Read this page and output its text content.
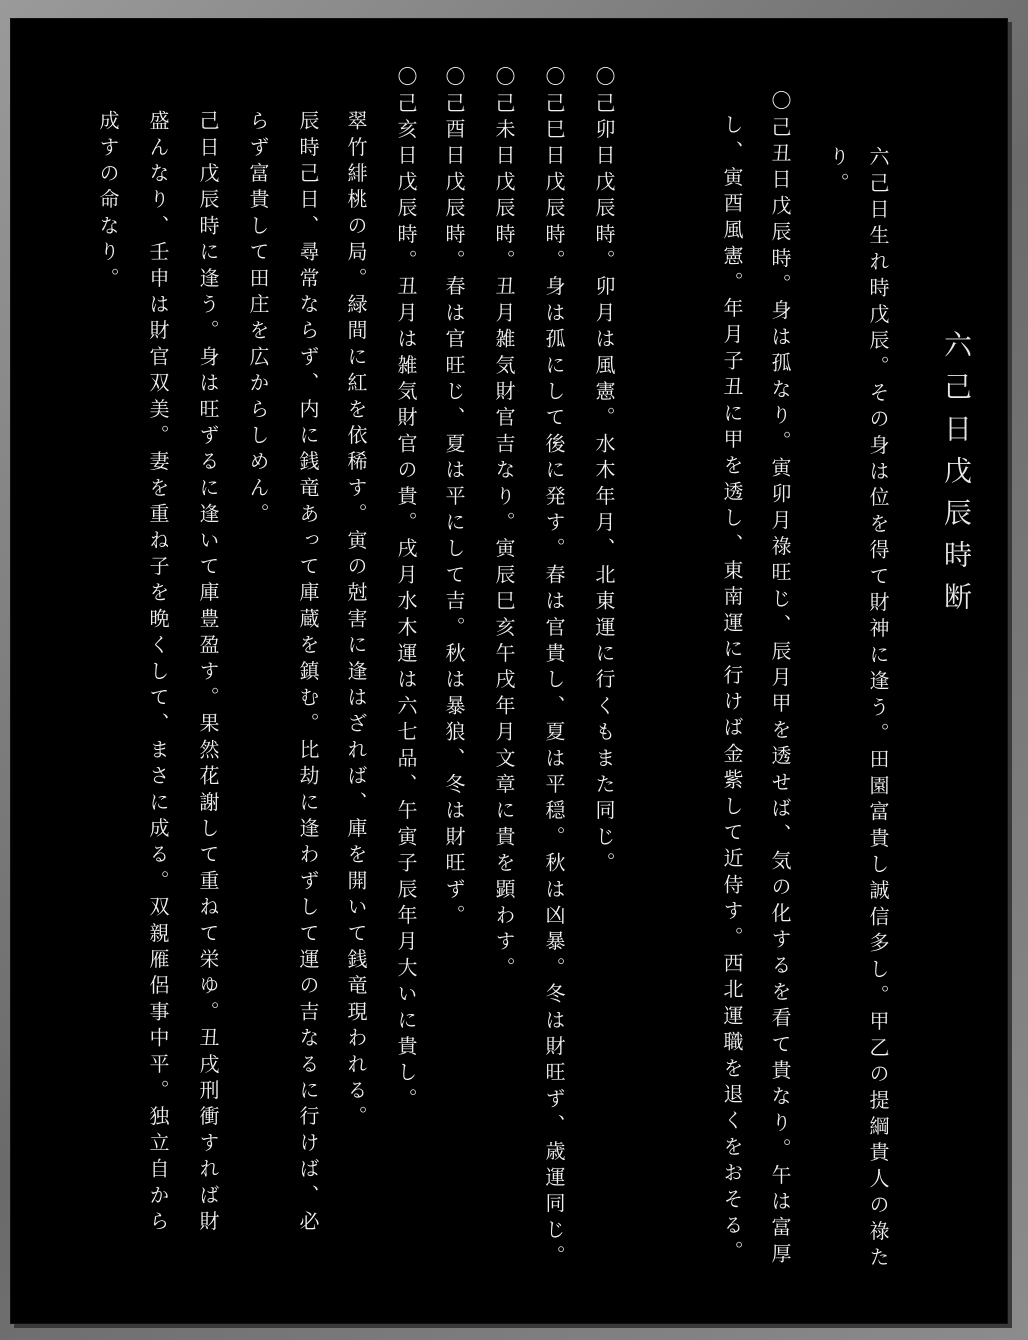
六己日戊辰時断
六己日生れ時戊辰。その身は位を得て財神に逢う。田園富貴し誠信多し。甲乙の提綱貴人の祿た
り。
〇己丑日戊辰時。身は孤なり。寅卯月祿旺じ、辰月甲を透せば、気の化するを看て貴なり。午は富厚
し、寅酉風憲。年月子丑に甲を透し、東南運に行けば金紫して近侍す。西北運職を退くをおそる。
〇己卯日戊辰時。卯月は風憲。水木年月、北東運に行くもまた同じ。
〇己巳日戊辰時。身は孤にして後に発す。春は官貴し、夏は平穏。秋は凶暴。冬は財旺ず、歳運同じ。
〇己未日戊辰時。丑月雑気財官吉なり。寅辰巳亥午戌年月文章に貴を顕わす。
〇己酉日戊辰時。春は官旺じ、夏は平にして吉。秋は暴狼、冬は財旺ず。
〇己亥日戊辰時。丑月は雑気財官の貴。戌月水木運は六七品、午寅子辰年月大いに貴し。
翠竹緋桃の局。緑間に紅を依稀す。寅の尅害に逢はざれば、庫を開いて銭竜現われる。
辰時己日、尋常ならず、内に銭竜あって庫蔵を鎮む。比劫に逢わずして運の吉なるに行けば、必
らず富貴して田庄を広からしめん。
己日戊辰時に逢う。身は旺ずるに逢いて庫豊盈す。果然花謝して重ねて栄ゆ。丑戌刑衝すれば財
盛んなり、壬申は財官双美。妻を重ね子を晩くして、まさに成る。双親雁侶事中平。独立自から
成すの命なり。
